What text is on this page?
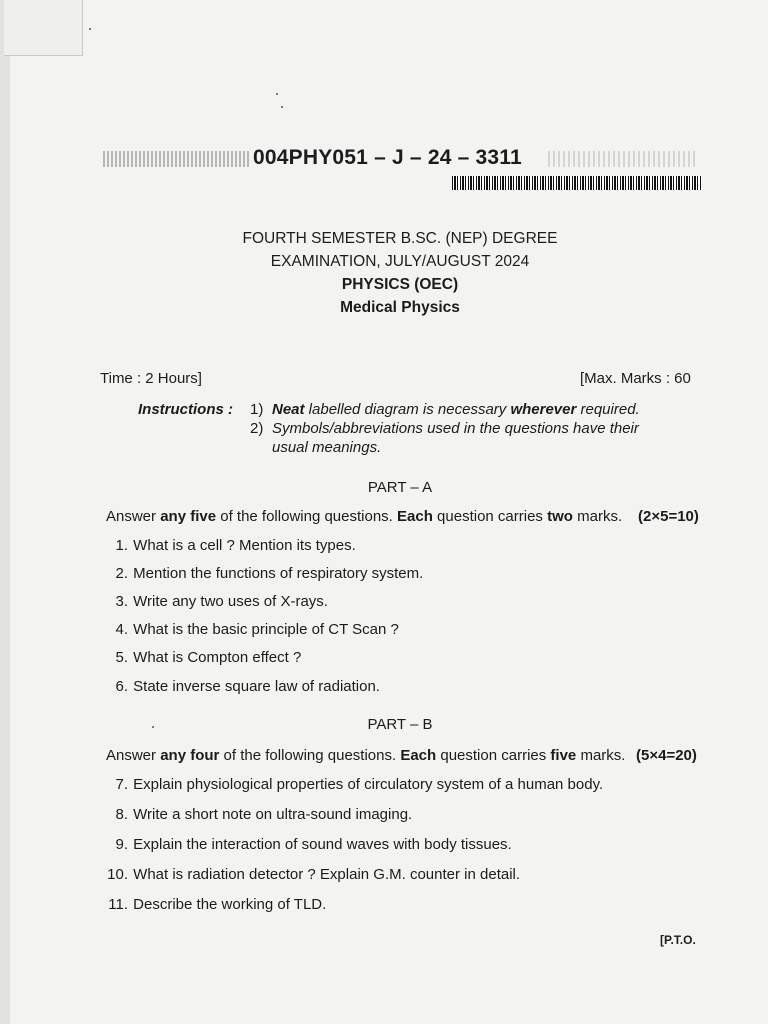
004PHY051 – J – 24 – 3311
FOURTH SEMESTER B.SC. (NEP) DEGREE
EXAMINATION, JULY/AUGUST 2024
PHYSICS (OEC)
Medical Physics
Time : 2 Hours]	[Max. Marks : 60
Instructions : 1) Neat labelled diagram is necessary wherever required.
2) Symbols/abbreviations used in the questions have their
usual meanings.
PART – A
Answer any five of the following questions. Each question carries two marks. (2×5=10)
1. What is a cell ? Mention its types.
2. Mention the functions of respiratory system.
3. Write any two uses of X-rays.
4. What is the basic principle of CT Scan ?
5. What is Compton effect ?
6. State inverse square law of radiation.
PART – B
Answer any four of the following questions. Each question carries five marks. (5×4=20)
7. Explain physiological properties of circulatory system of a human body.
8. Write a short note on ultra-sound imaging.
9. Explain the interaction of sound waves with body tissues.
10. What is radiation detector ? Explain G.M. counter in detail.
11. Describe the working of TLD.
[P.T.O.
